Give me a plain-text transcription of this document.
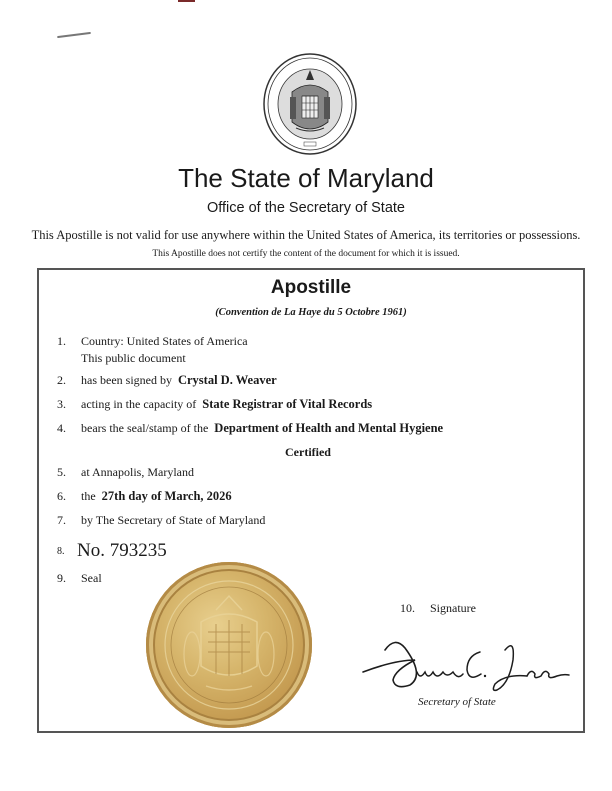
The State of Maryland
Office of the Secretary of State
This Apostille is not valid for use anywhere within the United States of America, its territories or possessions.
This Apostille does not certify the content of the document for which it is issued.
Apostille
(Convention de La Haye du 5 Octobre 1961)
1. Country: United States of America
This public document
2. has been signed by Crystal D. Weaver
3. acting in the capacity of State Registrar of Vital Records
4. bears the seal/stamp of the Department of Health and Mental Hygiene
Certified
5. at Annapolis, Maryland
6. the 27th day of March, 2026
7. by The Secretary of State of Maryland
8. No. 793235
9. Seal
10. Signature
Secretary of State
